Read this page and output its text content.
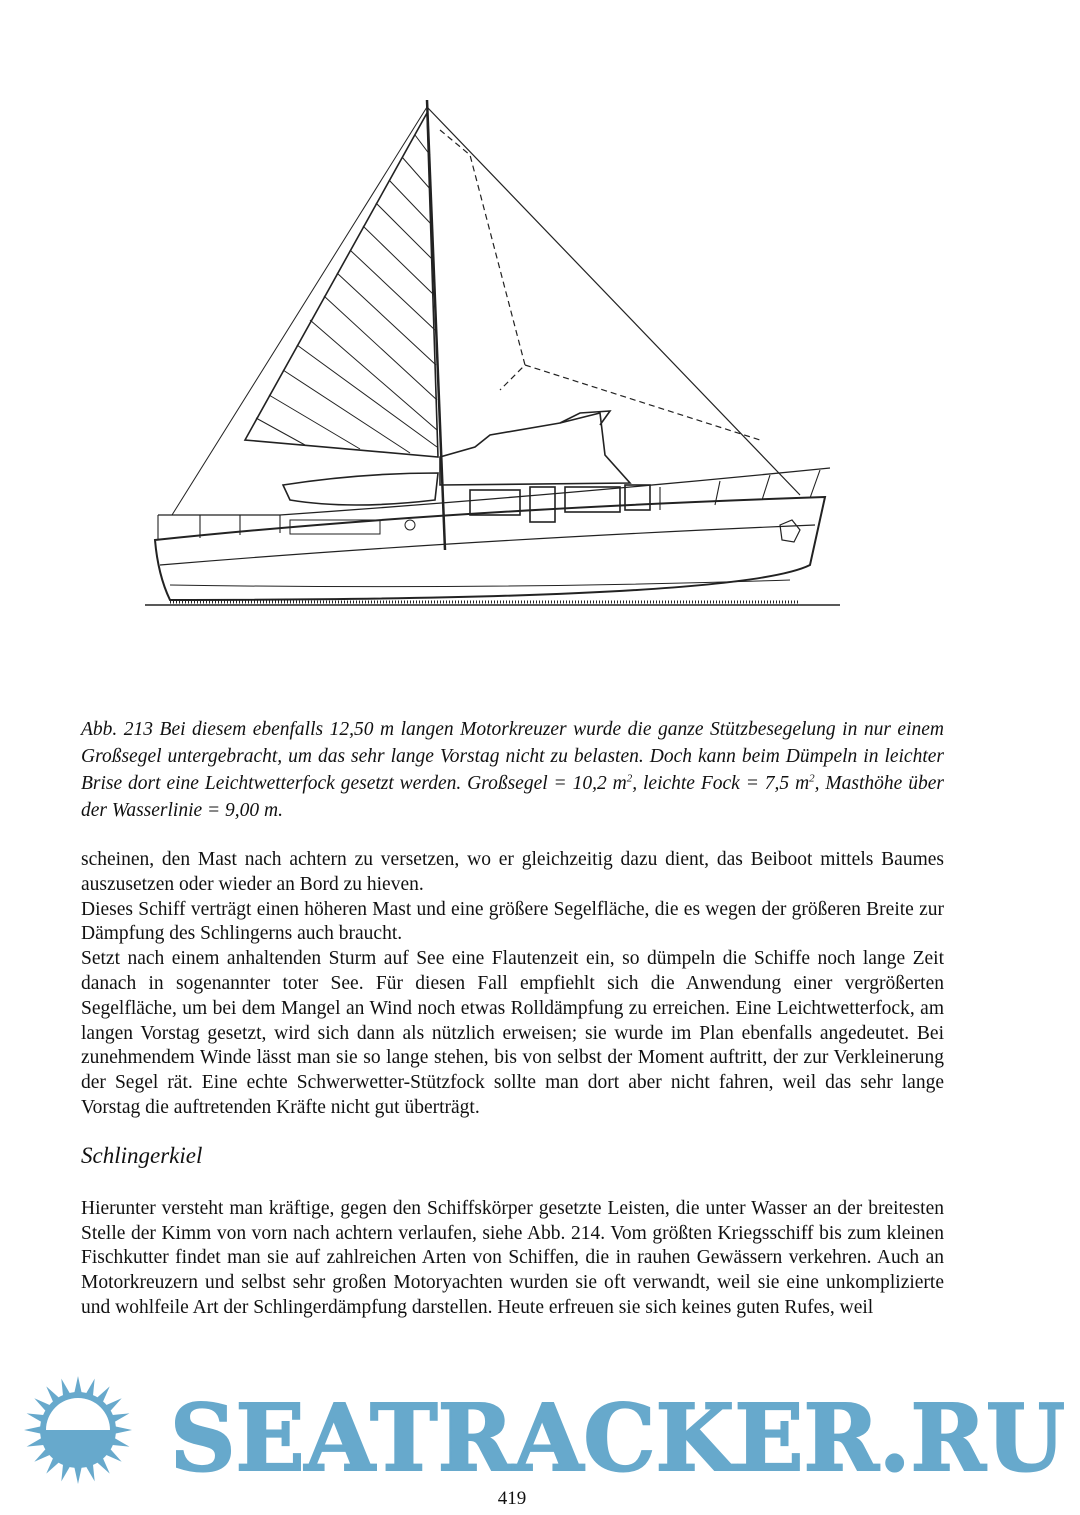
Abb. 213 Bei diesem ebenfalls 12,50 m langen Motorkreuzer wurde die ganze Stützbesegelung in nur einem Großsegel untergebracht, um das sehr lange Vorstag nicht zu belasten. Doch kann beim Dümpeln in leichter Brise dort eine Leichtwetterfock gesetzt werden. Großsegel = 10,2 $m^2$, leichte Fock = 7,5 $m^2$, Masthöhe über der Wasserlinie = 9,00 m.

scheinen, den Mast nach achtern zu versetzen, wo er gleichzeitig dazu dient, das Beiboot mittels Baumes auszusetzen oder wieder an Bord zu hieven.

Dieses Schiff verträgt einen höheren Mast und eine größere Segelfläche, die es wegen der größeren Breite zur Dämpfung des Schlingerns auch braucht.

Setzt nach einem anhaltenden Sturm auf See eine Flautenzeit ein, so dümpeln die Schiffe noch lange Zeit danach in sogenannter toter See. Für diesen Fall empfiehlt sich die Anwendung einer vergrößerten Segelfläche, um bei dem Mangel an Wind noch etwas Rolldämpfung zu erreichen. Eine Leichtwetterfock, am langen Vorstag gesetzt, wird sich dann als nützlich erweisen; sie wurde im Plan ebenfalls angedeutet. Bei zunehmendem Winde lässt man sie so lange stehen, bis von selbst der Moment auftritt, der zur Verkleinerung der Segel rät. Eine echte Schwerwetter-Stützfock sollte man dort aber nicht fahren, weil das sehr lange Vorstag die auftretenden Kräfte nicht gut überträgt.

Schlingerkiel

Hierunter versteht man kräftige, gegen den Schiffskörper gesetzte Leisten, die unter Wasser an der breitesten Stelle der Kimm von vorn nach achtern verlaufen, siehe Abb. 214. Vom größten Kriegsschiff bis zum kleinen Fischkutter findet man sie auf zahlreichen Arten von Schiffen, die in rauhen Gewässern verkehren. Auch an Motorkreuzern und selbst sehr großen Motoryachten wurden sie oft verwandt, weil sie eine unkomplizierte und wohlfeile Art der Schlingerdämpfung darstellen. Heute erfreuen sie sich keines guten Rufes, weil

SEATRACKER.RU
419
